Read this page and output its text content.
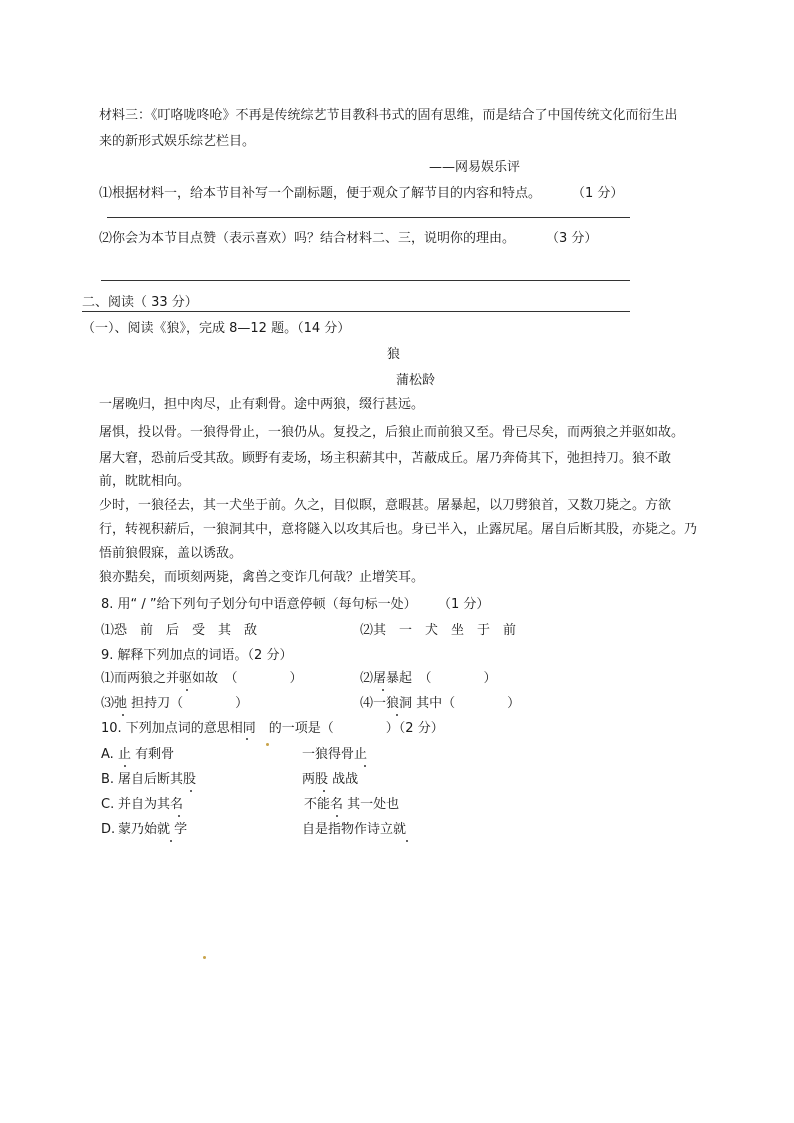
材料三：《叮咯咙咚呛》不再是传统综艺节目教科书式的固有思维，而是结合了中国传统文化而衍生出
来的新形式娱乐综艺栏目。
——网易娱乐评
⑴根据材料一，给本节目补写一个副标题，便于观众了解节目的内容和特点。 （1 分）
⑵你会为本节目点赞（表示喜欢）吗？结合材料二、三，说明你的理由。 （3 分）
二、阅读（ 33 分）
（一）、阅读《狼》，完成 8—12 题。（14 分）
狼
蒲松龄
一屠晚归，担中肉尽，止有剩骨。途中两狼，缀行甚远。
屠惧，投以骨。一狼得骨止，一狼仍从。复投之，后狼止而前狼又至。骨已尽矣，而两狼之并驱如故。
屠大窘，恐前后受其敌。顾野有麦场，场主积薪其中，苫蔽成丘。屠乃奔倚其下，弛担持刀。狼不敢
前，眈眈相向。
少时，一狼径去，其一犬坐于前。久之，目似瞑，意暇甚。屠暴起，以刀劈狼首，又数刀毙之。方欲
行，转视积薪后，一狼洞其中，意将隧入以攻其后也。身已半入，止露尻尾。屠自后断其股，亦毙之。乃
悟前狼假寐，盖以诱敌。
狼亦黠矣，而顷刻两毙，禽兽之变诈几何哉？止增笑耳。
8. 用“ / ”给下列句子划分句中语意停顿（每句标一处） （1 分）
⑴恐　前　后　受　其　敌	⑵其　一　犬　坐　于　前
9. 解释下列加点的词语。（2 分）
⑴而两狼之并驱如故　（　　　　）	⑵屠暴起　（　　　　）
⑶弛 担持刀（　　　　）	⑷一狼洞 其中（　　　　）
10. 下列加点词的意思相同　的一项是（　　　　）（2 分）
A. 止 有剩骨	一狼得骨止
B. 屠自后断其股	两股 战战
C. 并自为其名	不能名 其一处也
D. 蒙乃始就 学	自是指物作诗立就
